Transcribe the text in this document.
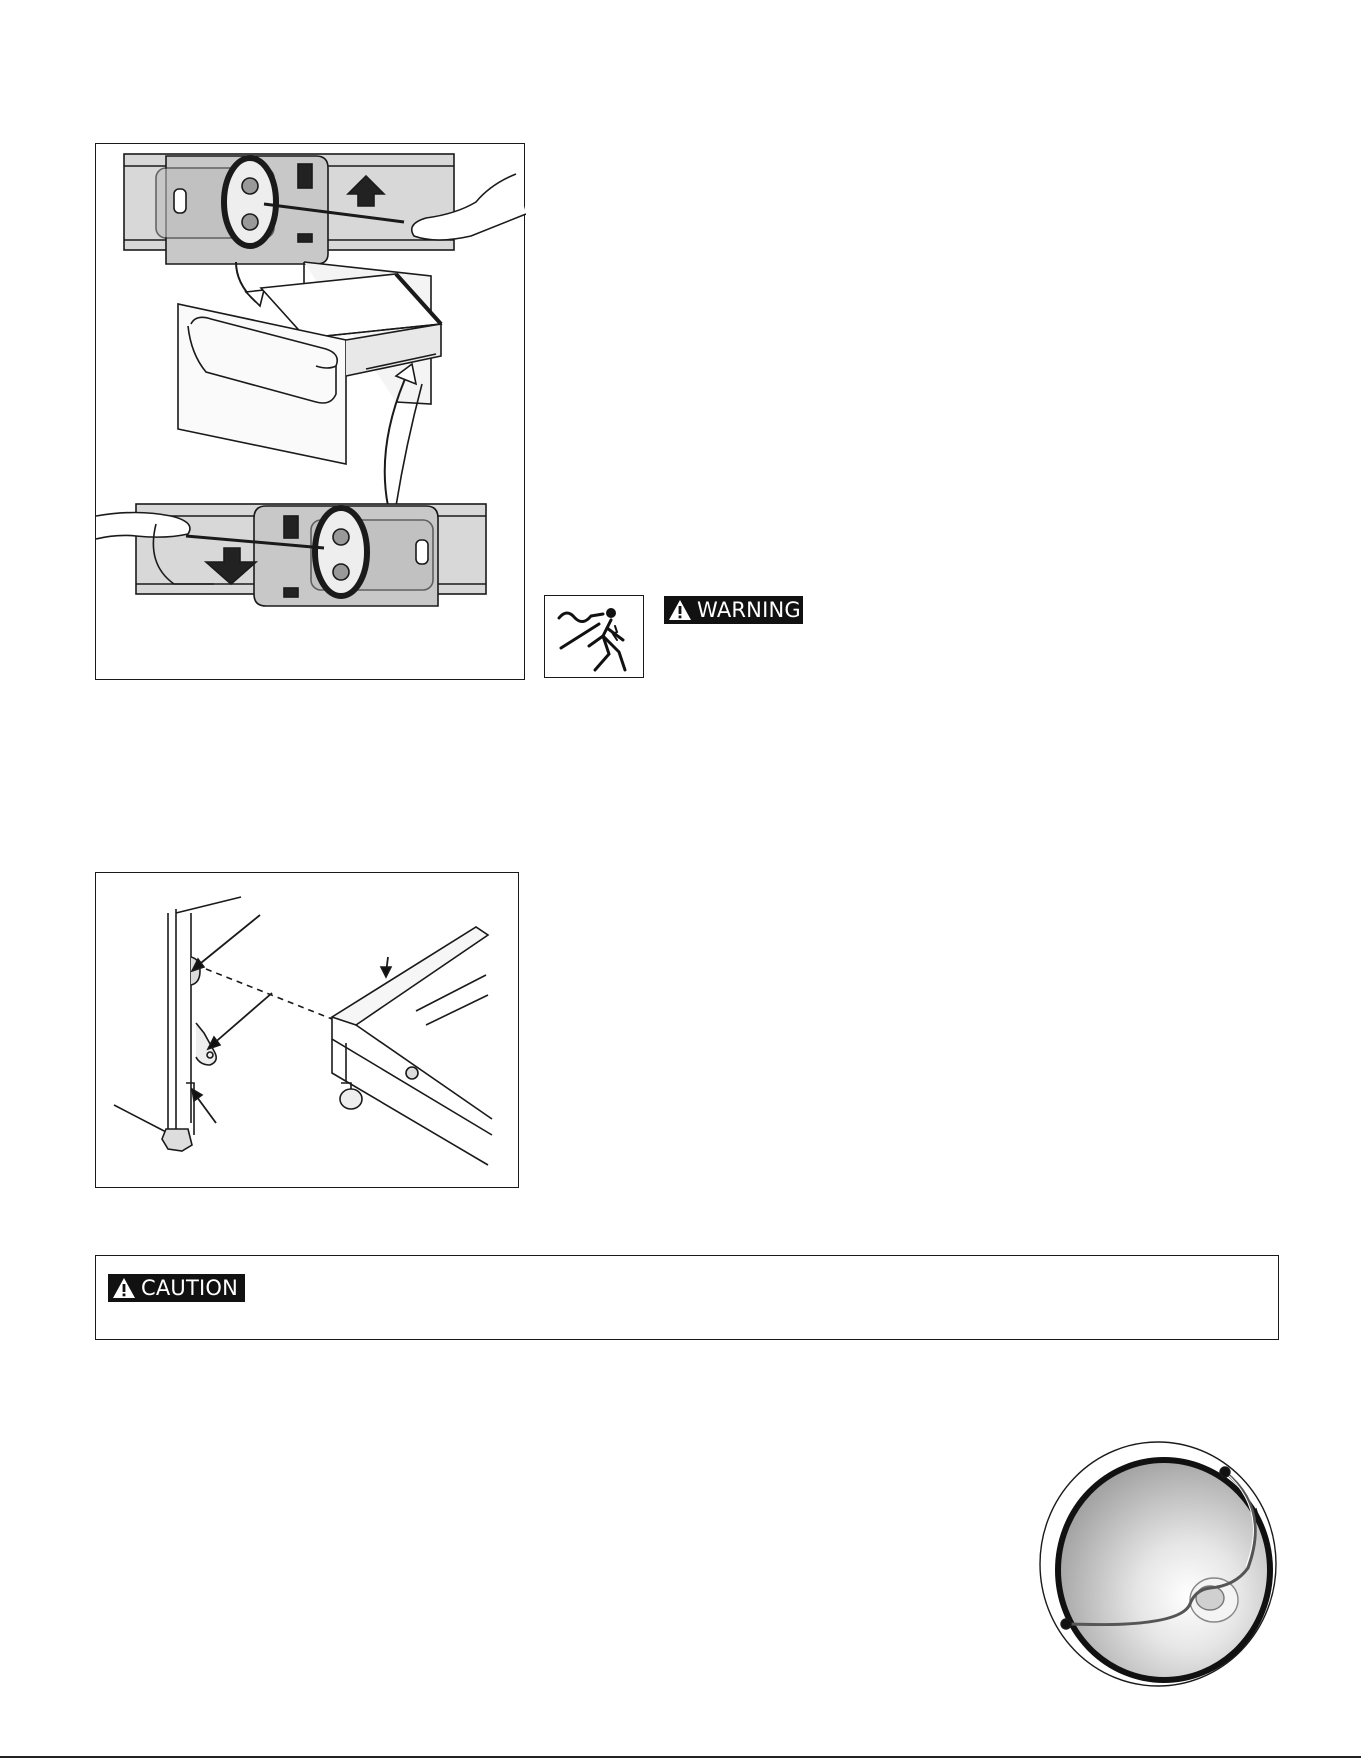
WARNING
CAUTION
